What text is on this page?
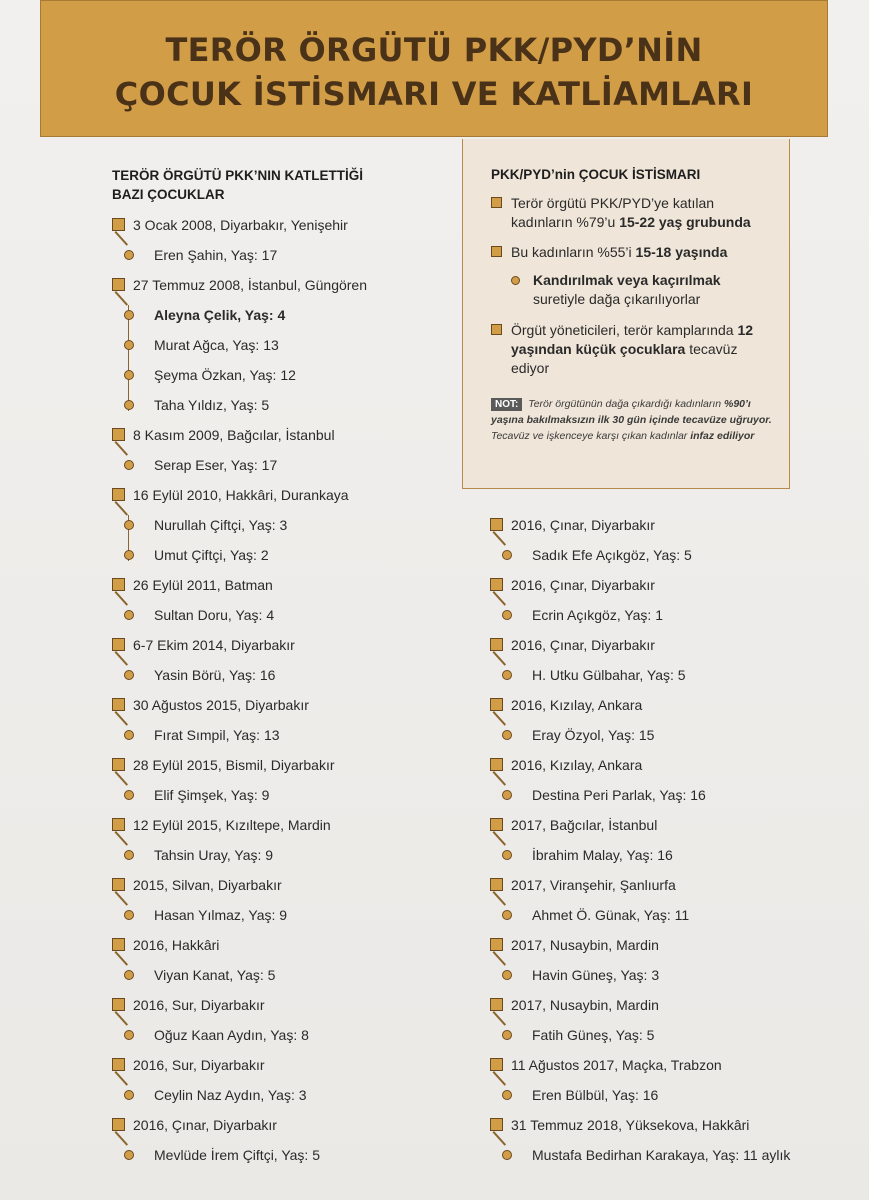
TERÖR ÖRGÜTÜ PKK/PYD’NİN
ÇOCUK İSTİSMARI VE KATLİAMLARI
TERÖR ÖRGÜTÜ PKK’NIN KATLETTİĞİ
BAZI ÇOCUKLAR
PKK/PYD’nin ÇOCUK İSTİSMARI
Terör örgütü PKK/PYD’ye katılan kadınların %79’u 15-22 yaş grubunda
Bu kadınların %55’i 15-18 yaşında
Kandırılmak veya kaçırılmak
suretiyle dağa çıkarılıyorlar
Örgüt yöneticileri, terör kamplarında 12 yaşından küçük çocuklara tecavüz ediyor
NOT: Terör örgütünün dağa çıkardığı kadınların %90’ı yaşına bakılmaksızın ilk 30 gün içinde tecavüze uğruyor. Tecavüz ve işkenceye karşı çıkan kadınlar infaz ediliyor
3 Ocak 2008, Diyarbakır, Yenişehir
Eren Şahin, Yaş: 17
27 Temmuz 2008, İstanbul, Güngören
Aleyna Çelik, Yaş: 4
Murat Ağca, Yaş: 13
Şeyma Özkan, Yaş: 12
Taha Yıldız, Yaş: 5
8 Kasım 2009, Bağcılar, İstanbul
Serap Eser, Yaş: 17
16 Eylül 2010, Hakkâri, Durankaya
Nurullah Çiftçi, Yaş: 3
Umut Çiftçi, Yaş: 2
26 Eylül 2011, Batman
Sultan Doru, Yaş: 4
6-7 Ekim 2014, Diyarbakır
Yasin Börü, Yaş: 16
30 Ağustos 2015, Diyarbakır
Fırat Sımpil, Yaş: 13
28 Eylül 2015, Bismil, Diyarbakır
Elif Şimşek, Yaş: 9
12 Eylül 2015, Kızıltepe, Mardin
Tahsin Uray, Yaş: 9
2015, Silvan, Diyarbakır
Hasan Yılmaz, Yaş: 9
2016, Hakkâri
Viyan Kanat, Yaş: 5
2016, Sur, Diyarbakır
Oğuz Kaan Aydın, Yaş: 8
2016, Sur, Diyarbakır
Ceylin Naz Aydın, Yaş: 3
2016, Çınar, Diyarbakır
Mevlüde İrem Çiftçi, Yaş: 5
2016, Çınar, Diyarbakır
Sadık Efe Açıkgöz, Yaş: 5
2016, Çınar, Diyarbakır
Ecrin Açıkgöz, Yaş: 1
2016, Çınar, Diyarbakır
H. Utku Gülbahar, Yaş: 5
2016, Kızılay, Ankara
Eray Özyol, Yaş: 15
2016, Kızılay, Ankara
Destina Peri Parlak, Yaş: 16
2017, Bağcılar, İstanbul
İbrahim Malay, Yaş: 16
2017, Viranşehir, Şanlıurfa
Ahmet Ö. Günak, Yaş: 11
2017, Nusaybin, Mardin
Havin Güneş, Yaş: 3
2017, Nusaybin, Mardin
Fatih Güneş, Yaş: 5
11 Ağustos 2017, Maçka, Trabzon
Eren Bülbül, Yaş: 16
31 Temmuz 2018, Yüksekova, Hakkâri
Mustafa Bedirhan Karakaya, Yaş: 11 aylık
